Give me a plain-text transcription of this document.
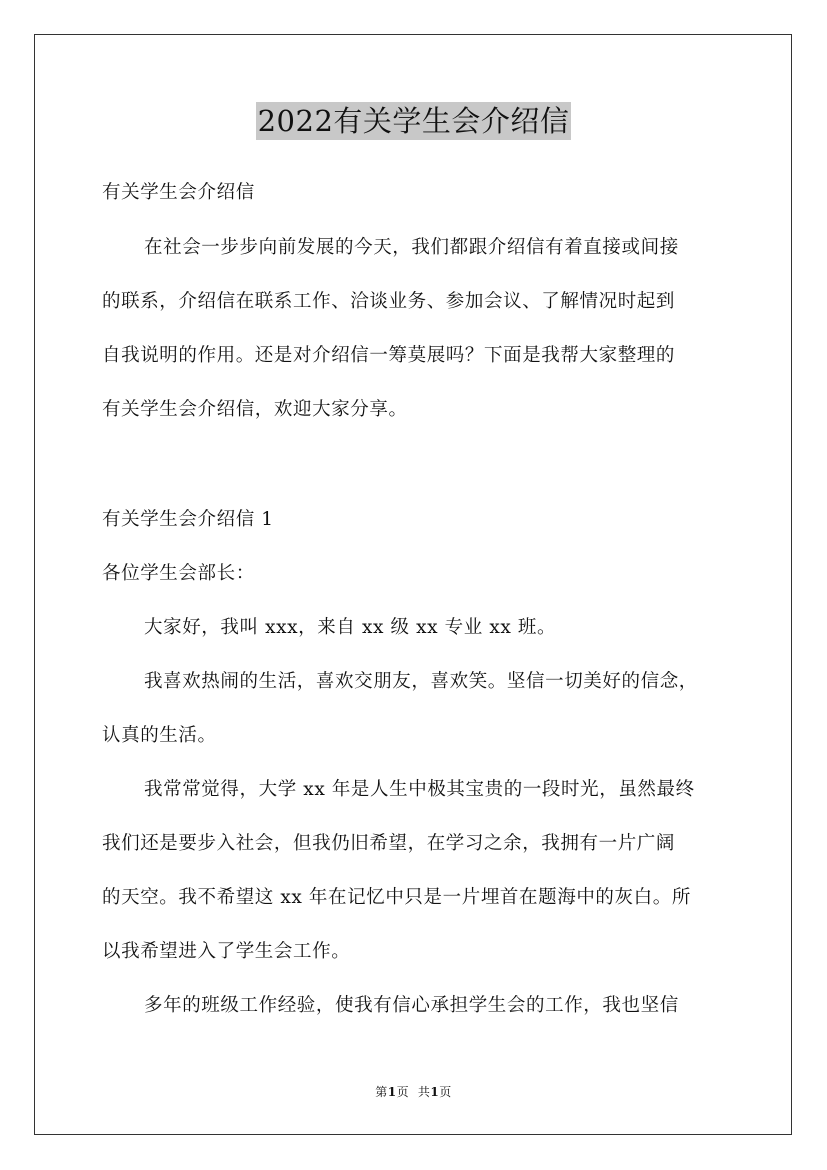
2022有关学生会介绍信
有关学生会介绍信
在社会一步步向前发展的今天，我们都跟介绍信有着直接或间接
的联系，介绍信在联系工作、洽谈业务、参加会议、了解情况时起到
自我说明的作用。还是对介绍信一筹莫展吗？下面是我帮大家整理的
有关学生会介绍信，欢迎大家分享。
有关学生会介绍信 1
各位学生会部长：
大家好，我叫 xxx，来自 xx 级 xx 专业 xx 班。
我喜欢热闹的生活，喜欢交朋友，喜欢笑。坚信一切美好的信念，
认真的生活。
我常常觉得，大学 xx 年是人生中极其宝贵的一段时光，虽然最终
我们还是要步入社会，但我仍旧希望，在学习之余，我拥有一片广阔
的天空。我不希望这 xx 年在记忆中只是一片埋首在题海中的灰白。所
以我希望进入了学生会工作。
多年的班级工作经验，使我有信心承担学生会的工作，我也坚信
第1页 共1页
